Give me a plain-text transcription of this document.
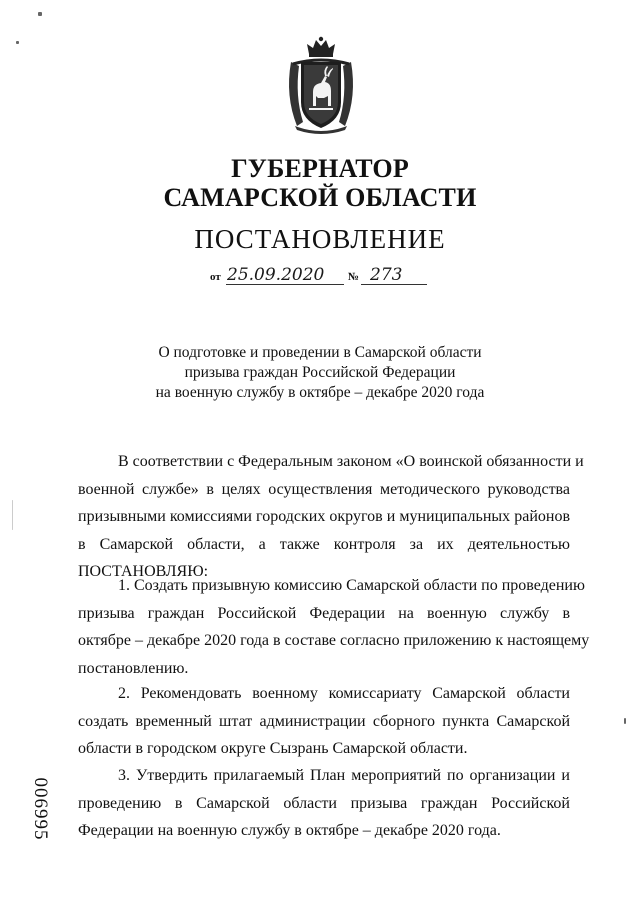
ГУБЕРНАТОР
САМАРСКОЙ ОБЛАСТИ
ПОСТАНОВЛЕНИЕ
от 25.09.2020 № 273
О подготовке и проведении в Самарской области
призыва граждан Российской Федерации
на военную службу в октябре – декабре 2020 года
В соответствии с Федеральным законом «О воинской обязанности и
военной службе» в целях осуществления методического руководства
призывными комиссиями городских округов и муниципальных районов
в Самарской области, а также контроля за их деятельностью
ПОСТАНОВЛЯЮ:
1. Создать призывную комиссию Самарской области по проведению
призыва граждан Российской Федерации на военную службу в
октябре – декабре 2020 года в составе согласно приложению к настоящему
постановлению.
2. Рекомендовать военному комиссариату Самарской области
создать временный штат администрации сборного пункта Самарской
области в городском округе Сызрань Самарской области.
3. Утвердить прилагаемый План мероприятий по организации и
проведению в Самарской области призыва граждан Российской
Федерации на военную службу в октябре – декабре 2020 года.
006995
